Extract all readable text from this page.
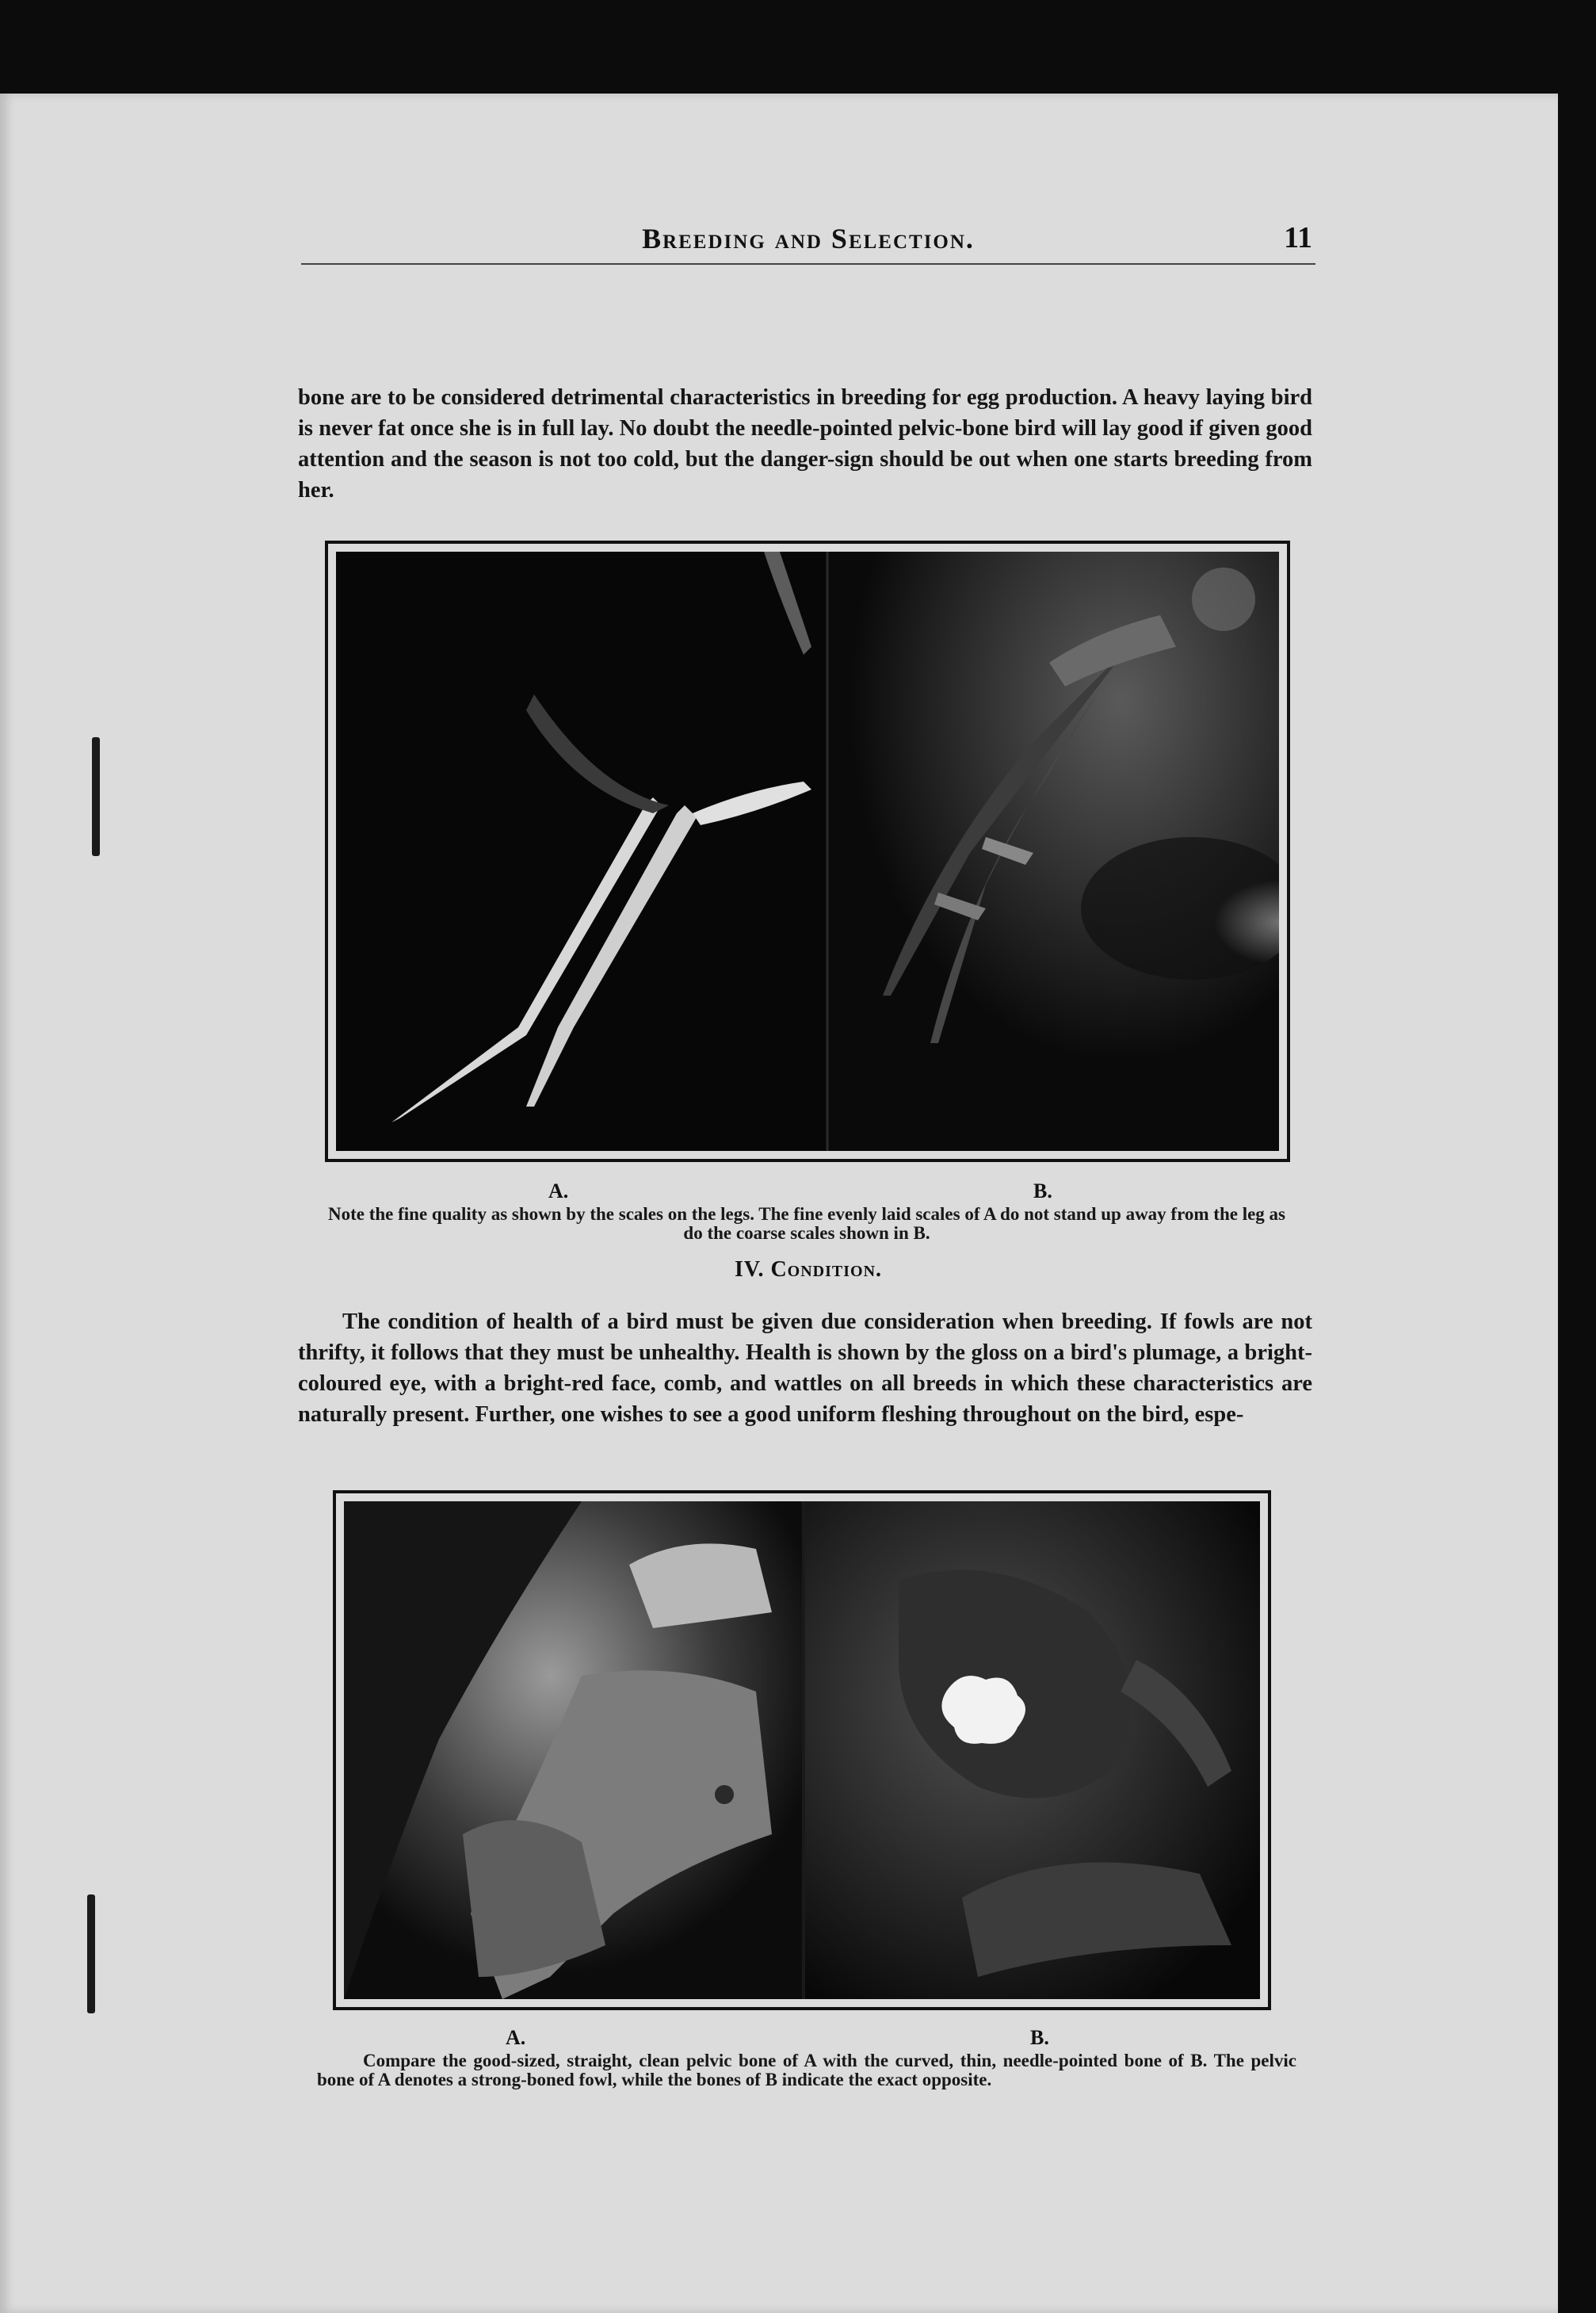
Breeding and Selection.	11
bone are to be considered detrimental characteristics in breeding for egg production. A heavy laying bird is never fat once she is in full lay. No doubt the needle-pointed pelvic-bone bird will lay good if given good attention and the season is not too cold, but the danger-sign should be out when one starts breeding from her.
A.	B.
Note the fine quality as shown by the scales on the legs. The fine evenly laid scales of A do not stand up away from the leg as do the coarse scales shown in B.
IV. Condition.
The condition of health of a bird must be given due consideration when breeding. If fowls are not thrifty, it follows that they must be unhealthy. Health is shown by the gloss on a bird's plumage, a bright-coloured eye, with a bright-red face, comb, and wattles on all breeds in which these characteristics are naturally present. Further, one wishes to see a good uniform fleshing throughout on the bird, espe-
A.	B.
Compare the good-sized, straight, clean pelvic bone of A with the curved, thin, needle-pointed bone of B. The pelvic bone of A denotes a strong-boned fowl, while the bones of B indicate the exact opposite.
